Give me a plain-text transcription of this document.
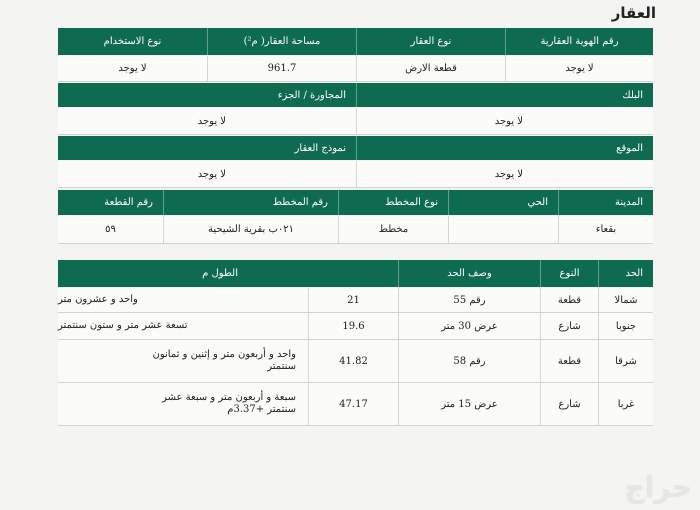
العقار
رقم الهوية العقارية
نوع العقار
مساحة العقار( م²)
نوع الاستخدام
لا يوجد
قطعة الارض
961.7
لا يوجد
البلك
المجاورة / الجزء
لا يوجد
لا يوجد
الموقع
نموذج العقار
لا يوجد
لا يوجد
المدينة
الحي
نوع المخطط
رقم المخطط
رقم القطعة
بقعاء
مخطط
٠٢١ب بقرية الشيحية
٥٩
الحد
النوع
وصف الحد
الطول م
شمالا
قطعة
رقم 55
21
واحد و عشرون متر
جنوبا
شارع
عرض 30 متر
19.6
تسعة عشر متر و ستون سنتمتر
شرقا
قطعة
رقم 58
41.82
واحد و أربعون متر و إثنين و ثمانون سنتمتر
غربا
شارع
عرض 15 متر
47.17
سبعة و أربعون متر و سبعة عشر سنتمتر +3.37م
حراج
